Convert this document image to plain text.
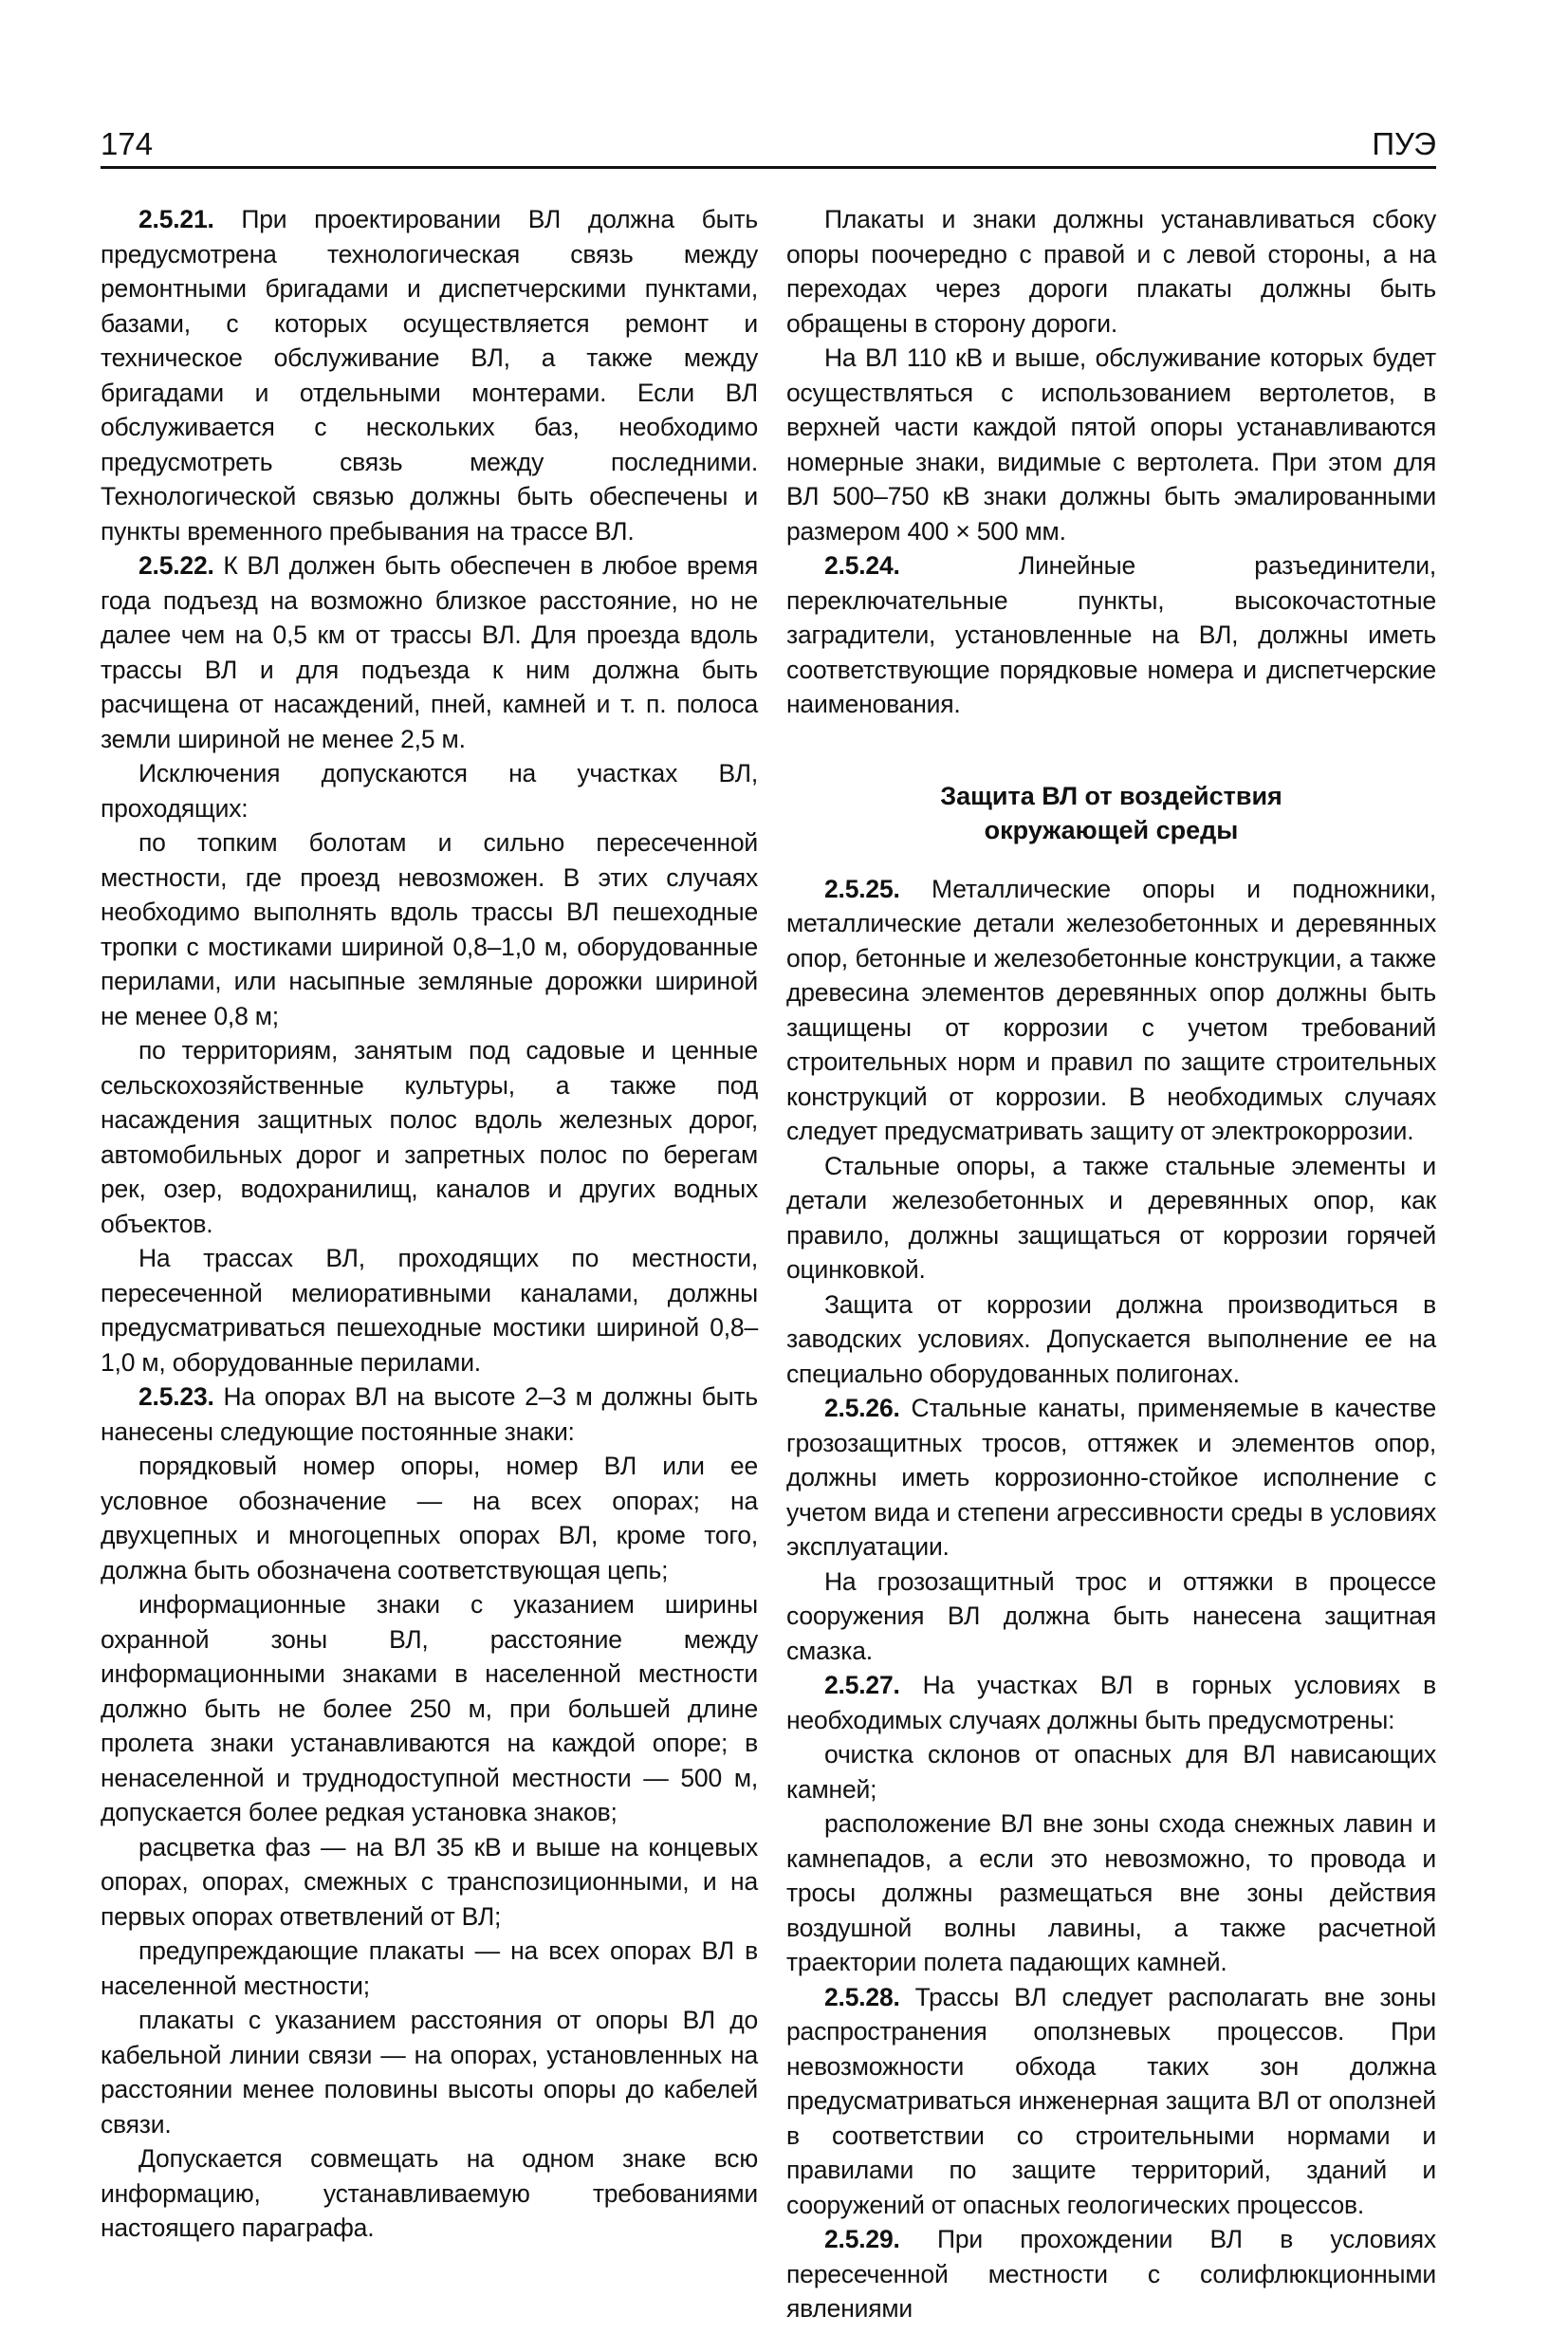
174	ПУЭ

2.5.21. При проектировании ВЛ должна быть предусмотрена технологическая связь между ремонтными бригадами и диспетчерскими пунктами, базами, с которых осуществляется ремонт и техническое обслуживание ВЛ, а также между бригадами и отдельными монтерами. Если ВЛ обслуживается с нескольких баз, необходимо предусмотреть связь между последними. Технологической связью должны быть обеспечены и пункты временного пребывания на трассе ВЛ.

2.5.22. К ВЛ должен быть обеспечен в любое время года подъезд на возможно близкое расстояние, но не далее чем на 0,5 км от трассы ВЛ. Для проезда вдоль трассы ВЛ и для подъезда к ним должна быть расчищена от насаждений, пней, камней и т. п. полоса земли шириной не менее 2,5 м.

Исключения допускаются на участках ВЛ, проходящих:

по топким болотам и сильно пересеченной местности, где проезд невозможен. В этих случаях необходимо выполнять вдоль трассы ВЛ пешеходные тропки с мостиками шириной 0,8–1,0 м, оборудованные перилами, или насыпные земляные дорожки шириной не менее 0,8 м;

по территориям, занятым под садовые и ценные сельскохозяйственные культуры, а также под насаждения защитных полос вдоль железных дорог, автомобильных дорог и запретных полос по берегам рек, озер, водохранилищ, каналов и других водных объектов.

На трассах ВЛ, проходящих по местности, пересеченной мелиоративными каналами, должны предусматриваться пешеходные мостики шириной 0,8–1,0 м, оборудованные перилами.

2.5.23. На опорах ВЛ на высоте 2–3 м должны быть нанесены следующие постоянные знаки:

порядковый номер опоры, номер ВЛ или ее условное обозначение — на всех опорах; на двухцепных и многоцепных опорах ВЛ, кроме того, должна быть обозначена соответствующая цепь;

информационные знаки с указанием ширины охранной зоны ВЛ, расстояние между информационными знаками в населенной местности должно быть не более 250 м, при большей длине пролета знаки устанавливаются на каждой опоре; в ненаселенной и труднодоступной местности — 500 м, допускается более редкая установка знаков;

расцветка фаз — на ВЛ 35 кВ и выше на концевых опорах, опорах, смежных с транспозиционными, и на первых опорах ответвлений от ВЛ;

предупреждающие плакаты — на всех опорах ВЛ в населенной местности;

плакаты с указанием расстояния от опоры ВЛ до кабельной линии связи — на опорах, установленных на расстоянии менее половины высоты опоры до кабелей связи.

Допускается совмещать на одном знаке всю информацию, устанавливаемую требованиями настоящего параграфа.

Плакаты и знаки должны устанавливаться сбоку опоры поочередно с правой и с левой стороны, а на переходах через дороги плакаты должны быть обращены в сторону дороги.

На ВЛ 110 кВ и выше, обслуживание которых будет осуществляться с использованием вертолетов, в верхней части каждой пятой опоры устанавливаются номерные знаки, видимые с вертолета. При этом для ВЛ 500–750 кВ знаки должны быть эмалированными размером 400 × 500 мм.

2.5.24. Линейные разъединители, переключательные пункты, высокочастотные заградители, установленные на ВЛ, должны иметь соответствующие порядковые номера и диспетчерские наименования.

Защита ВЛ от воздействия
окружающей среды

2.5.25. Металлические опоры и подножники, металлические детали железобетонных и деревянных опор, бетонные и железобетонные конструкции, а также древесина элементов деревянных опор должны быть защищены от коррозии с учетом требований строительных норм и правил по защите строительных конструкций от коррозии. В необходимых случаях следует предусматривать защиту от электрокоррозии.

Стальные опоры, а также стальные элементы и детали железобетонных и деревянных опор, как правило, должны защищаться от коррозии горячей оцинковкой.

Защита от коррозии должна производиться в заводских условиях. Допускается выполнение ее на специально оборудованных полигонах.

2.5.26. Стальные канаты, применяемые в качестве грозозащитных тросов, оттяжек и элементов опор, должны иметь коррозионно-стойкое исполнение с учетом вида и степени агрессивности среды в условиях эксплуатации.

На грозозащитный трос и оттяжки в процессе сооружения ВЛ должна быть нанесена защитная смазка.

2.5.27. На участках ВЛ в горных условиях в необходимых случаях должны быть предусмотрены:

очистка склонов от опасных для ВЛ нависающих камней;

расположение ВЛ вне зоны схода снежных лавин и камнепадов, а если это невозможно, то провода и тросы должны размещаться вне зоны действия воздушной волны лавины, а также расчетной траектории полета падающих камней.

2.5.28. Трассы ВЛ следует располагать вне зоны распространения оползневых процессов. При невозможности обхода таких зон должна предусматриваться инженерная защита ВЛ от оползней в соответствии со строительными нормами и правилами по защите территорий, зданий и сооружений от опасных геологических процессов.

2.5.29. При прохождении ВЛ в условиях пересеченной местности с солифлюкционными явлениями
